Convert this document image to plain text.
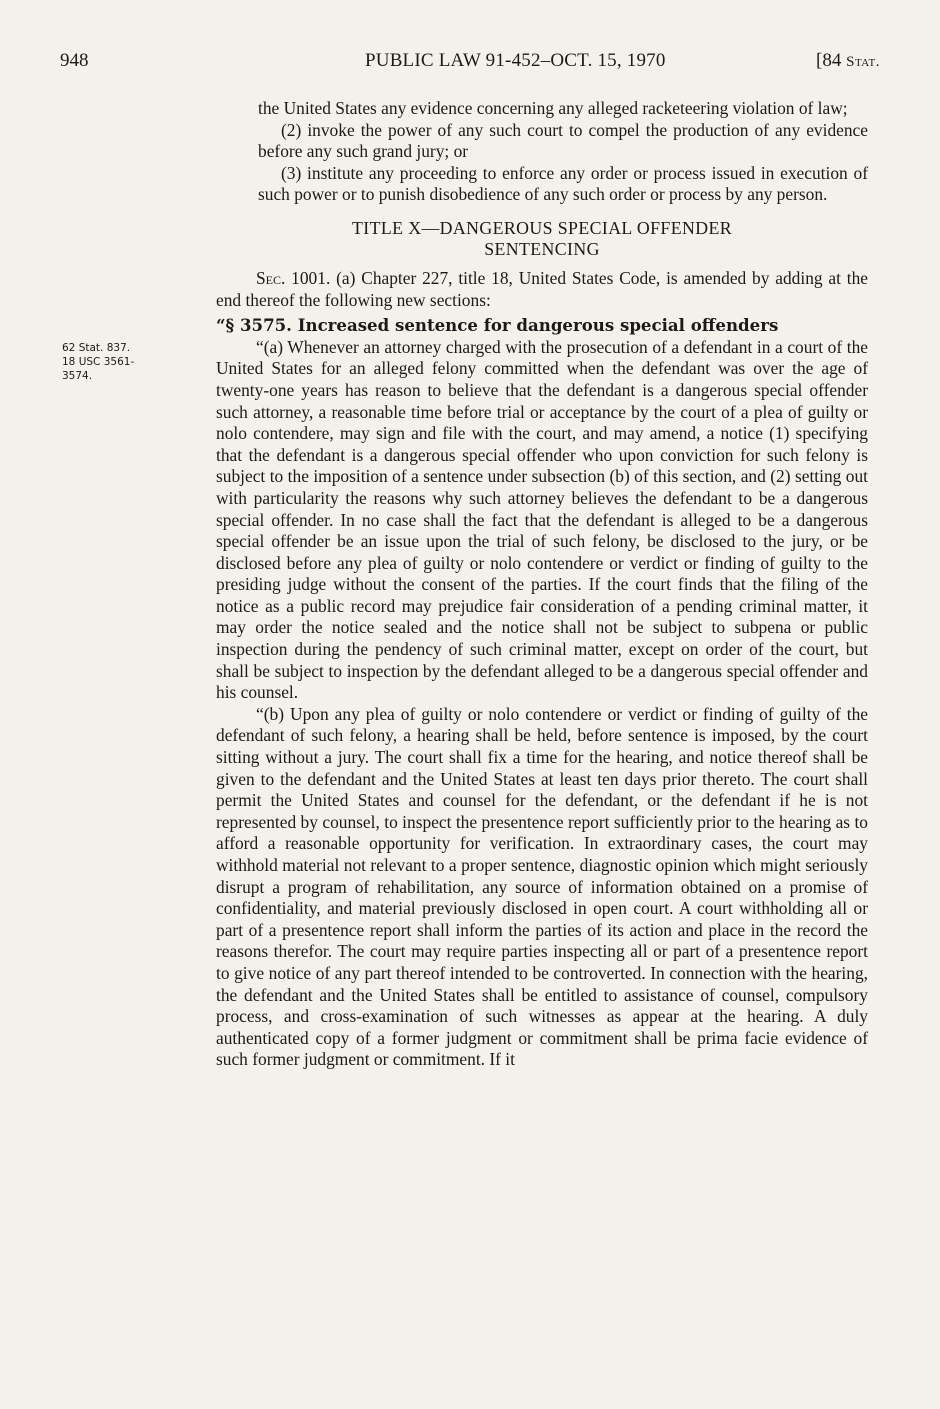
948	PUBLIC LAW 91-452–OCT. 15, 1970	[84 Stat.
62 Stat. 837.
18 USC 3561-
3574.

the United States any evidence concerning any alleged racketeering violation of law;

(2) invoke the power of any such court to compel the production of any evidence before any such grand jury; or

(3) institute any proceeding to enforce any order or process issued in execution of such power or to punish disobedience of any such order or process by any person.

TITLE X—DANGEROUS SPECIAL OFFENDER
SENTENCING

Sec. 1001. (a) Chapter 227, title 18, United States Code, is amended by adding at the end thereof the following new sections:

“§ 3575. Increased sentence for dangerous special offenders

“(a) Whenever an attorney charged with the prosecution of a defendant in a court of the United States for an alleged felony committed when the defendant was over the age of twenty-one years has reason to believe that the defendant is a dangerous special offender such attorney, a reasonable time before trial or acceptance by the court of a plea of guilty or nolo contendere, may sign and file with the court, and may amend, a notice (1) specifying that the defendant is a dangerous special offender who upon conviction for such felony is subject to the imposition of a sentence under subsection (b) of this section, and (2) setting out with particularity the reasons why such attorney believes the defendant to be a dangerous special offender. In no case shall the fact that the defendant is alleged to be a dangerous special offender be an issue upon the trial of such felony, be disclosed to the jury, or be disclosed before any plea of guilty or nolo contendere or verdict or finding of guilty to the presiding judge without the consent of the parties. If the court finds that the filing of the notice as a public record may prejudice fair consideration of a pending criminal matter, it may order the notice sealed and the notice shall not be subject to subpena or public inspection during the pendency of such criminal matter, except on order of the court, but shall be subject to inspection by the defendant alleged to be a dangerous special offender and his counsel.

“(b) Upon any plea of guilty or nolo contendere or verdict or finding of guilty of the defendant of such felony, a hearing shall be held, before sentence is imposed, by the court sitting without a jury. The court shall fix a time for the hearing, and notice thereof shall be given to the defendant and the United States at least ten days prior thereto. The court shall permit the United States and counsel for the defendant, or the defendant if he is not represented by counsel, to inspect the presentence report sufficiently prior to the hearing as to afford a reasonable opportunity for verification. In extraordinary cases, the court may withhold material not relevant to a proper sentence, diagnostic opinion which might seriously disrupt a program of rehabilitation, any source of information obtained on a promise of confidentiality, and material previously disclosed in open court. A court withholding all or part of a presentence report shall inform the parties of its action and place in the record the reasons therefor. The court may require parties inspecting all or part of a presentence report to give notice of any part thereof intended to be controverted. In connection with the hearing, the defendant and the United States shall be entitled to assistance of counsel, compulsory process, and cross-examination of such witnesses as appear at the hearing. A duly authenticated copy of a former judgment or commitment shall be prima facie evidence of such former judgment or commitment. If it
